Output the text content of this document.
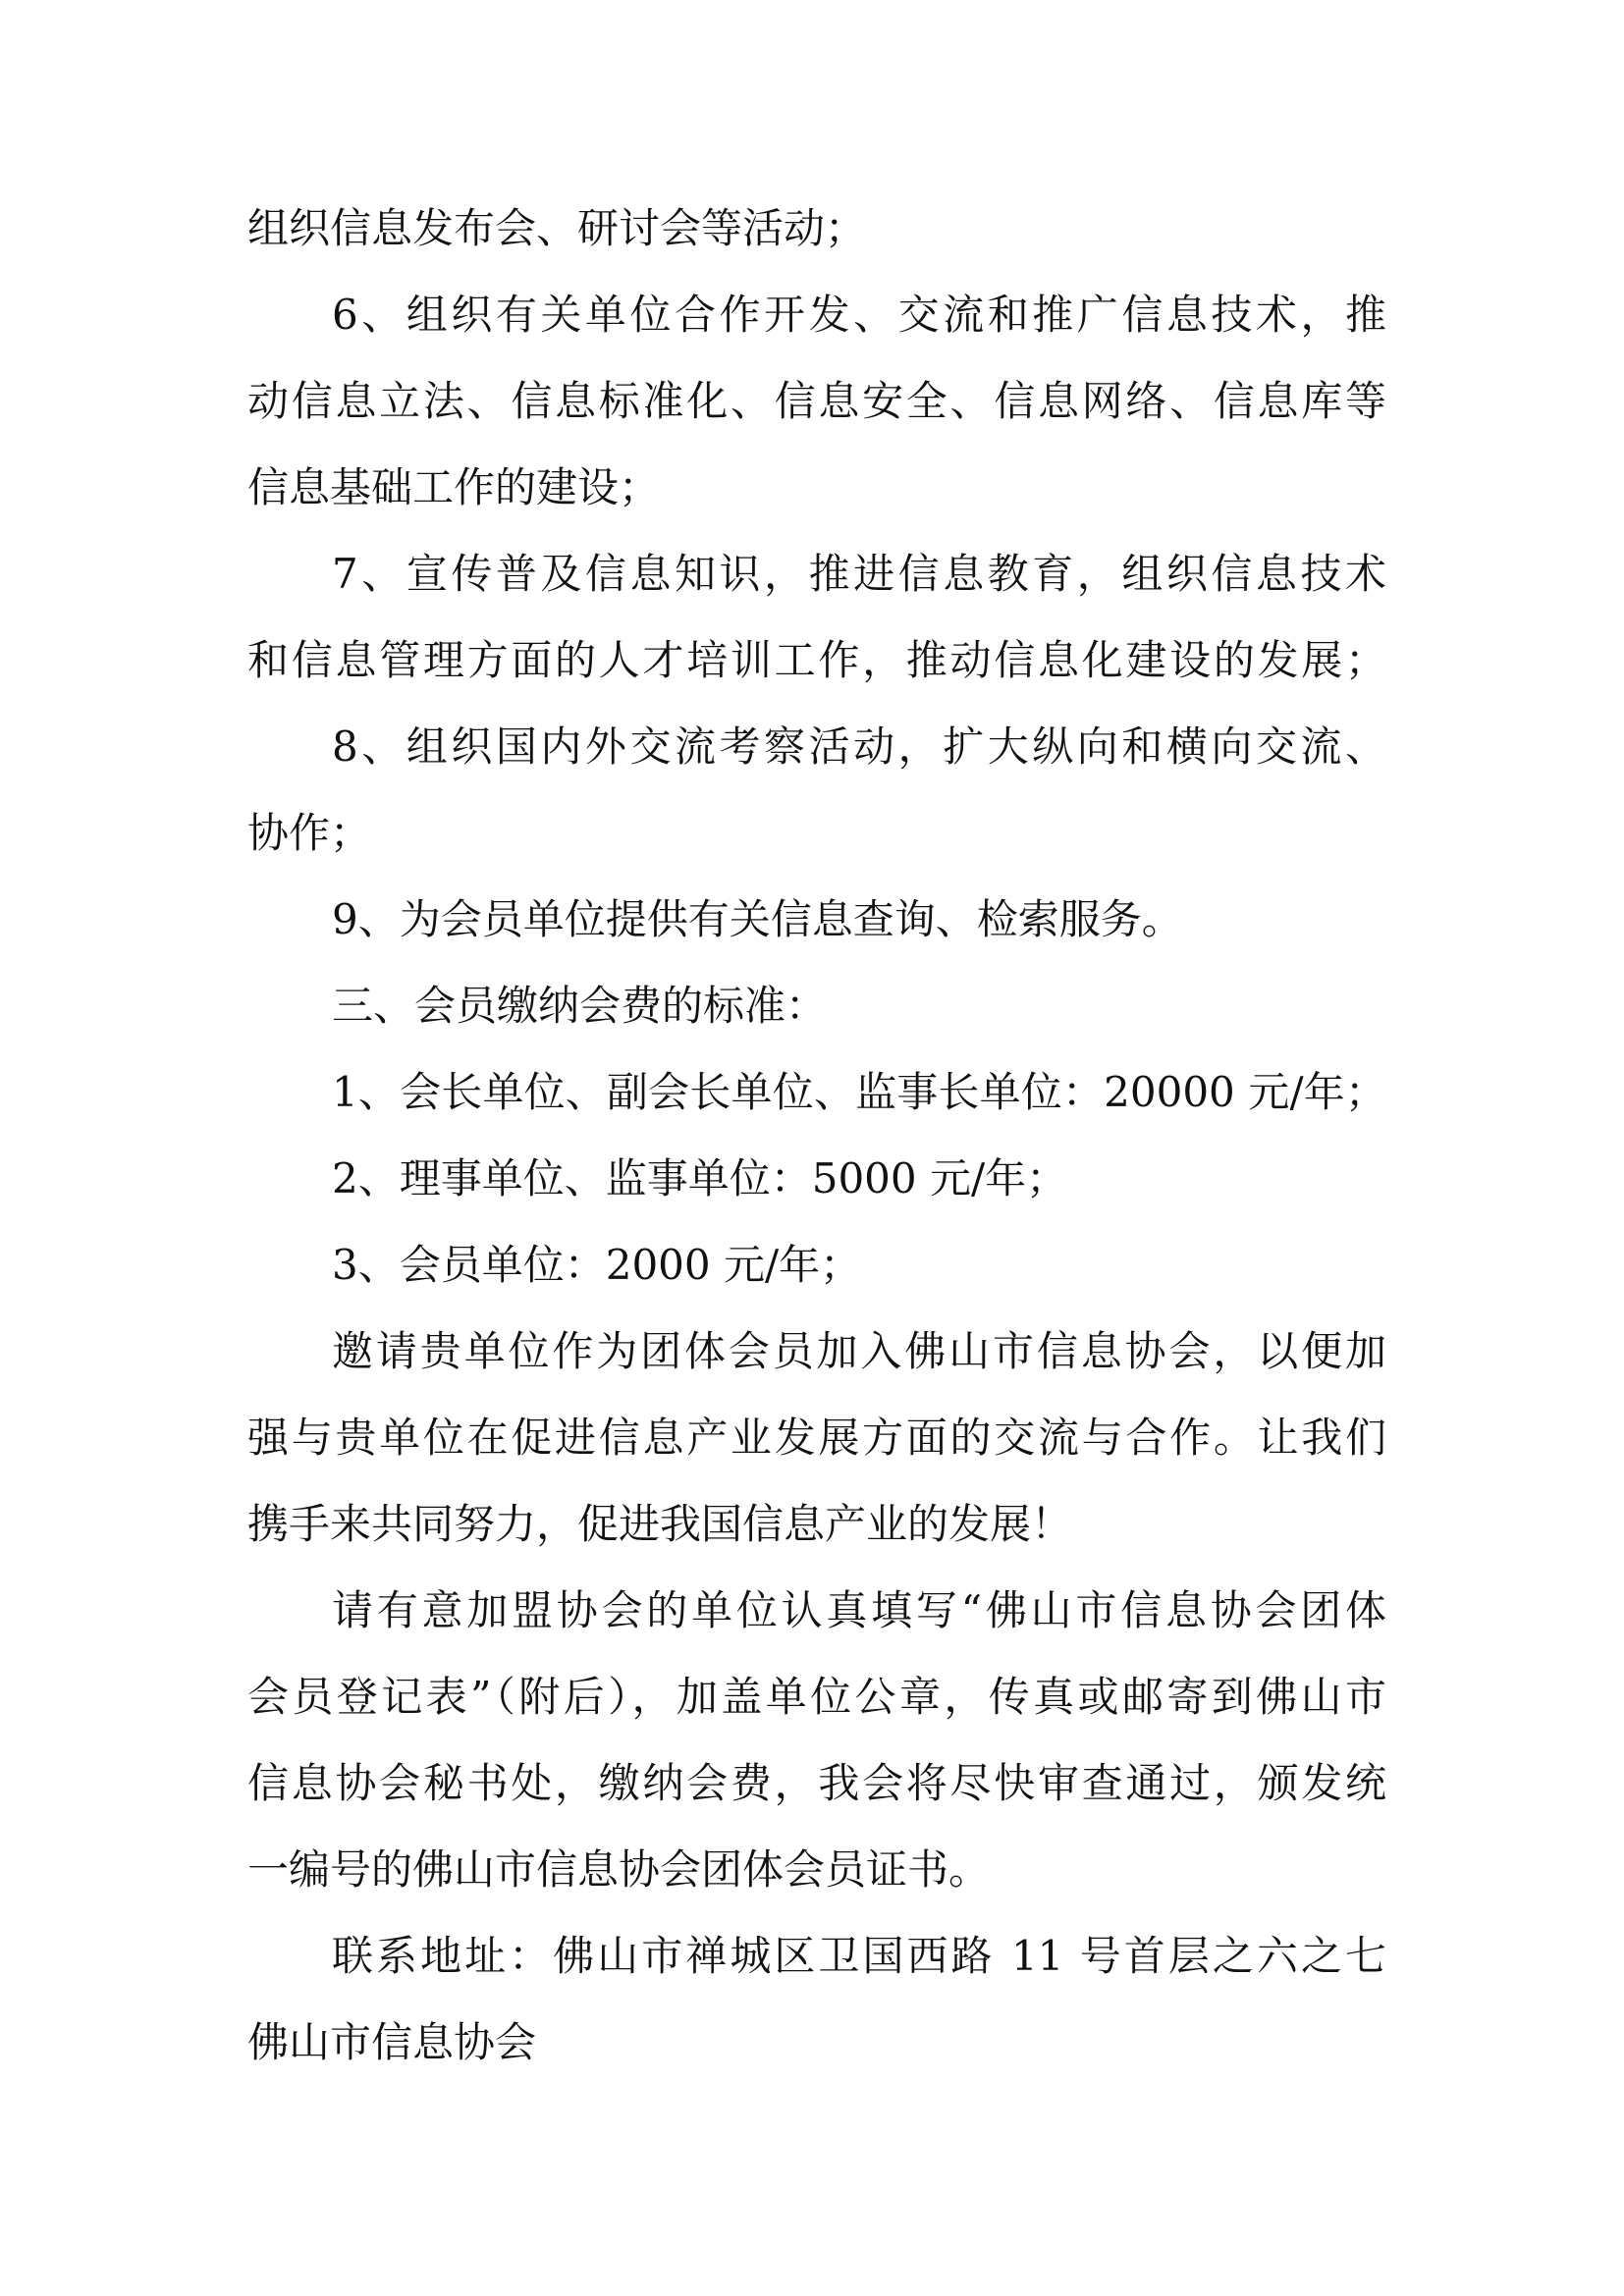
组织信息发布会、研讨会等活动；
6、组织有关单位合作开发、交流和推广信息技术，推
动信息立法、信息标准化、信息安全、信息网络、信息库等
信息基础工作的建设；
7、宣传普及信息知识，推进信息教育，组织信息技术
和信息管理方面的人才培训工作，推动信息化建设的发展；
8、组织国内外交流考察活动，扩大纵向和横向交流、
协作；
9、为会员单位提供有关信息查询、检索服务。
三、会员缴纳会费的标准：
1、会长单位、副会长单位、监事长单位：20000 元/年；
2、理事单位、监事单位：5000 元/年；
3、会员单位：2000 元/年；
邀请贵单位作为团体会员加入佛山市信息协会，以便加
强与贵单位在促进信息产业发展方面的交流与合作。让我们
携手来共同努力，促进我国信息产业的发展！
请有意加盟协会的单位认真填写“佛山市信息协会团体
会员登记表”（附后），加盖单位公章，传真或邮寄到佛山市
信息协会秘书处，缴纳会费，我会将尽快审查通过，颁发统
一编号的佛山市信息协会团体会员证书。
联系地址：佛山市禅城区卫国西路 11 号首层之六之七
佛山市信息协会
